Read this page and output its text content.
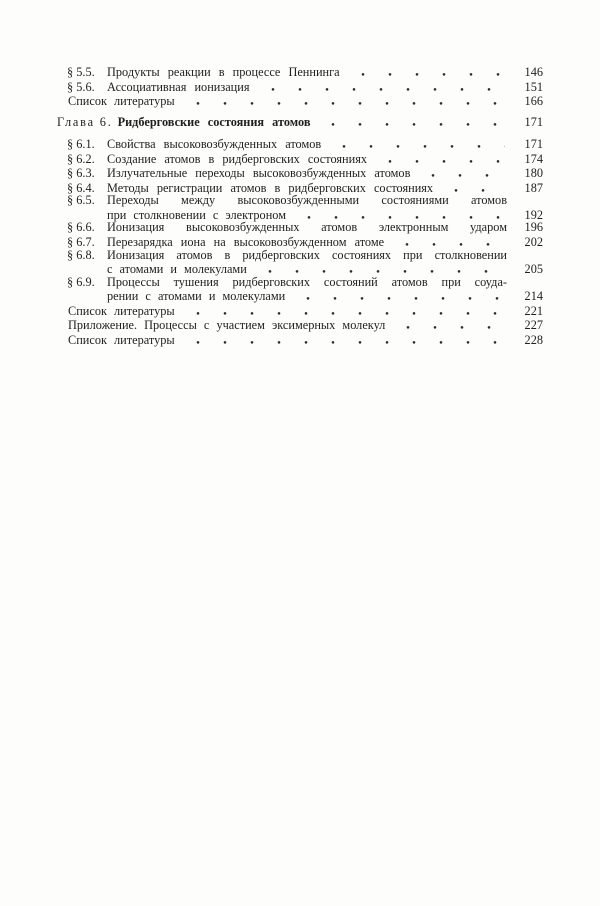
§ 5.5.	Продукты реакции в процессе Пеннинга	146
§ 5.6.	Ассоциативная ионизация	151
Список литературы	166
Глава 6. Ридберговские состояния атомов	171
§ 6.1.	Свойства высоковозбужденных атомов	171
§ 6.2.	Создание атомов в ридберговских состояниях	174
§ 6.3.	Излучательные переходы высоковозбужденных атомов	180
§ 6.4.	Методы регистрации атомов в ридберговских состояниях	187
§ 6.5.	Переходы между высоковозбужденными состояниями атомов
при столкновении с электроном	192
§ 6.6.	Ионизация высоковозбужденных атомов электронным ударом	196
§ 6.7.	Перезарядка иона на высоковозбужденном атоме	202
§ 6.8.	Ионизация атомов в ридберговских состояниях при столкновении
с атомами и молекулами	205
§ 6.9.	Процессы тушения ридберговских состояний атомов при соуда-
рении с атомами и молекулами	214
Список литературы	221
Приложение. Процессы с участием эксимерных молекул	227
Список литературы	228
